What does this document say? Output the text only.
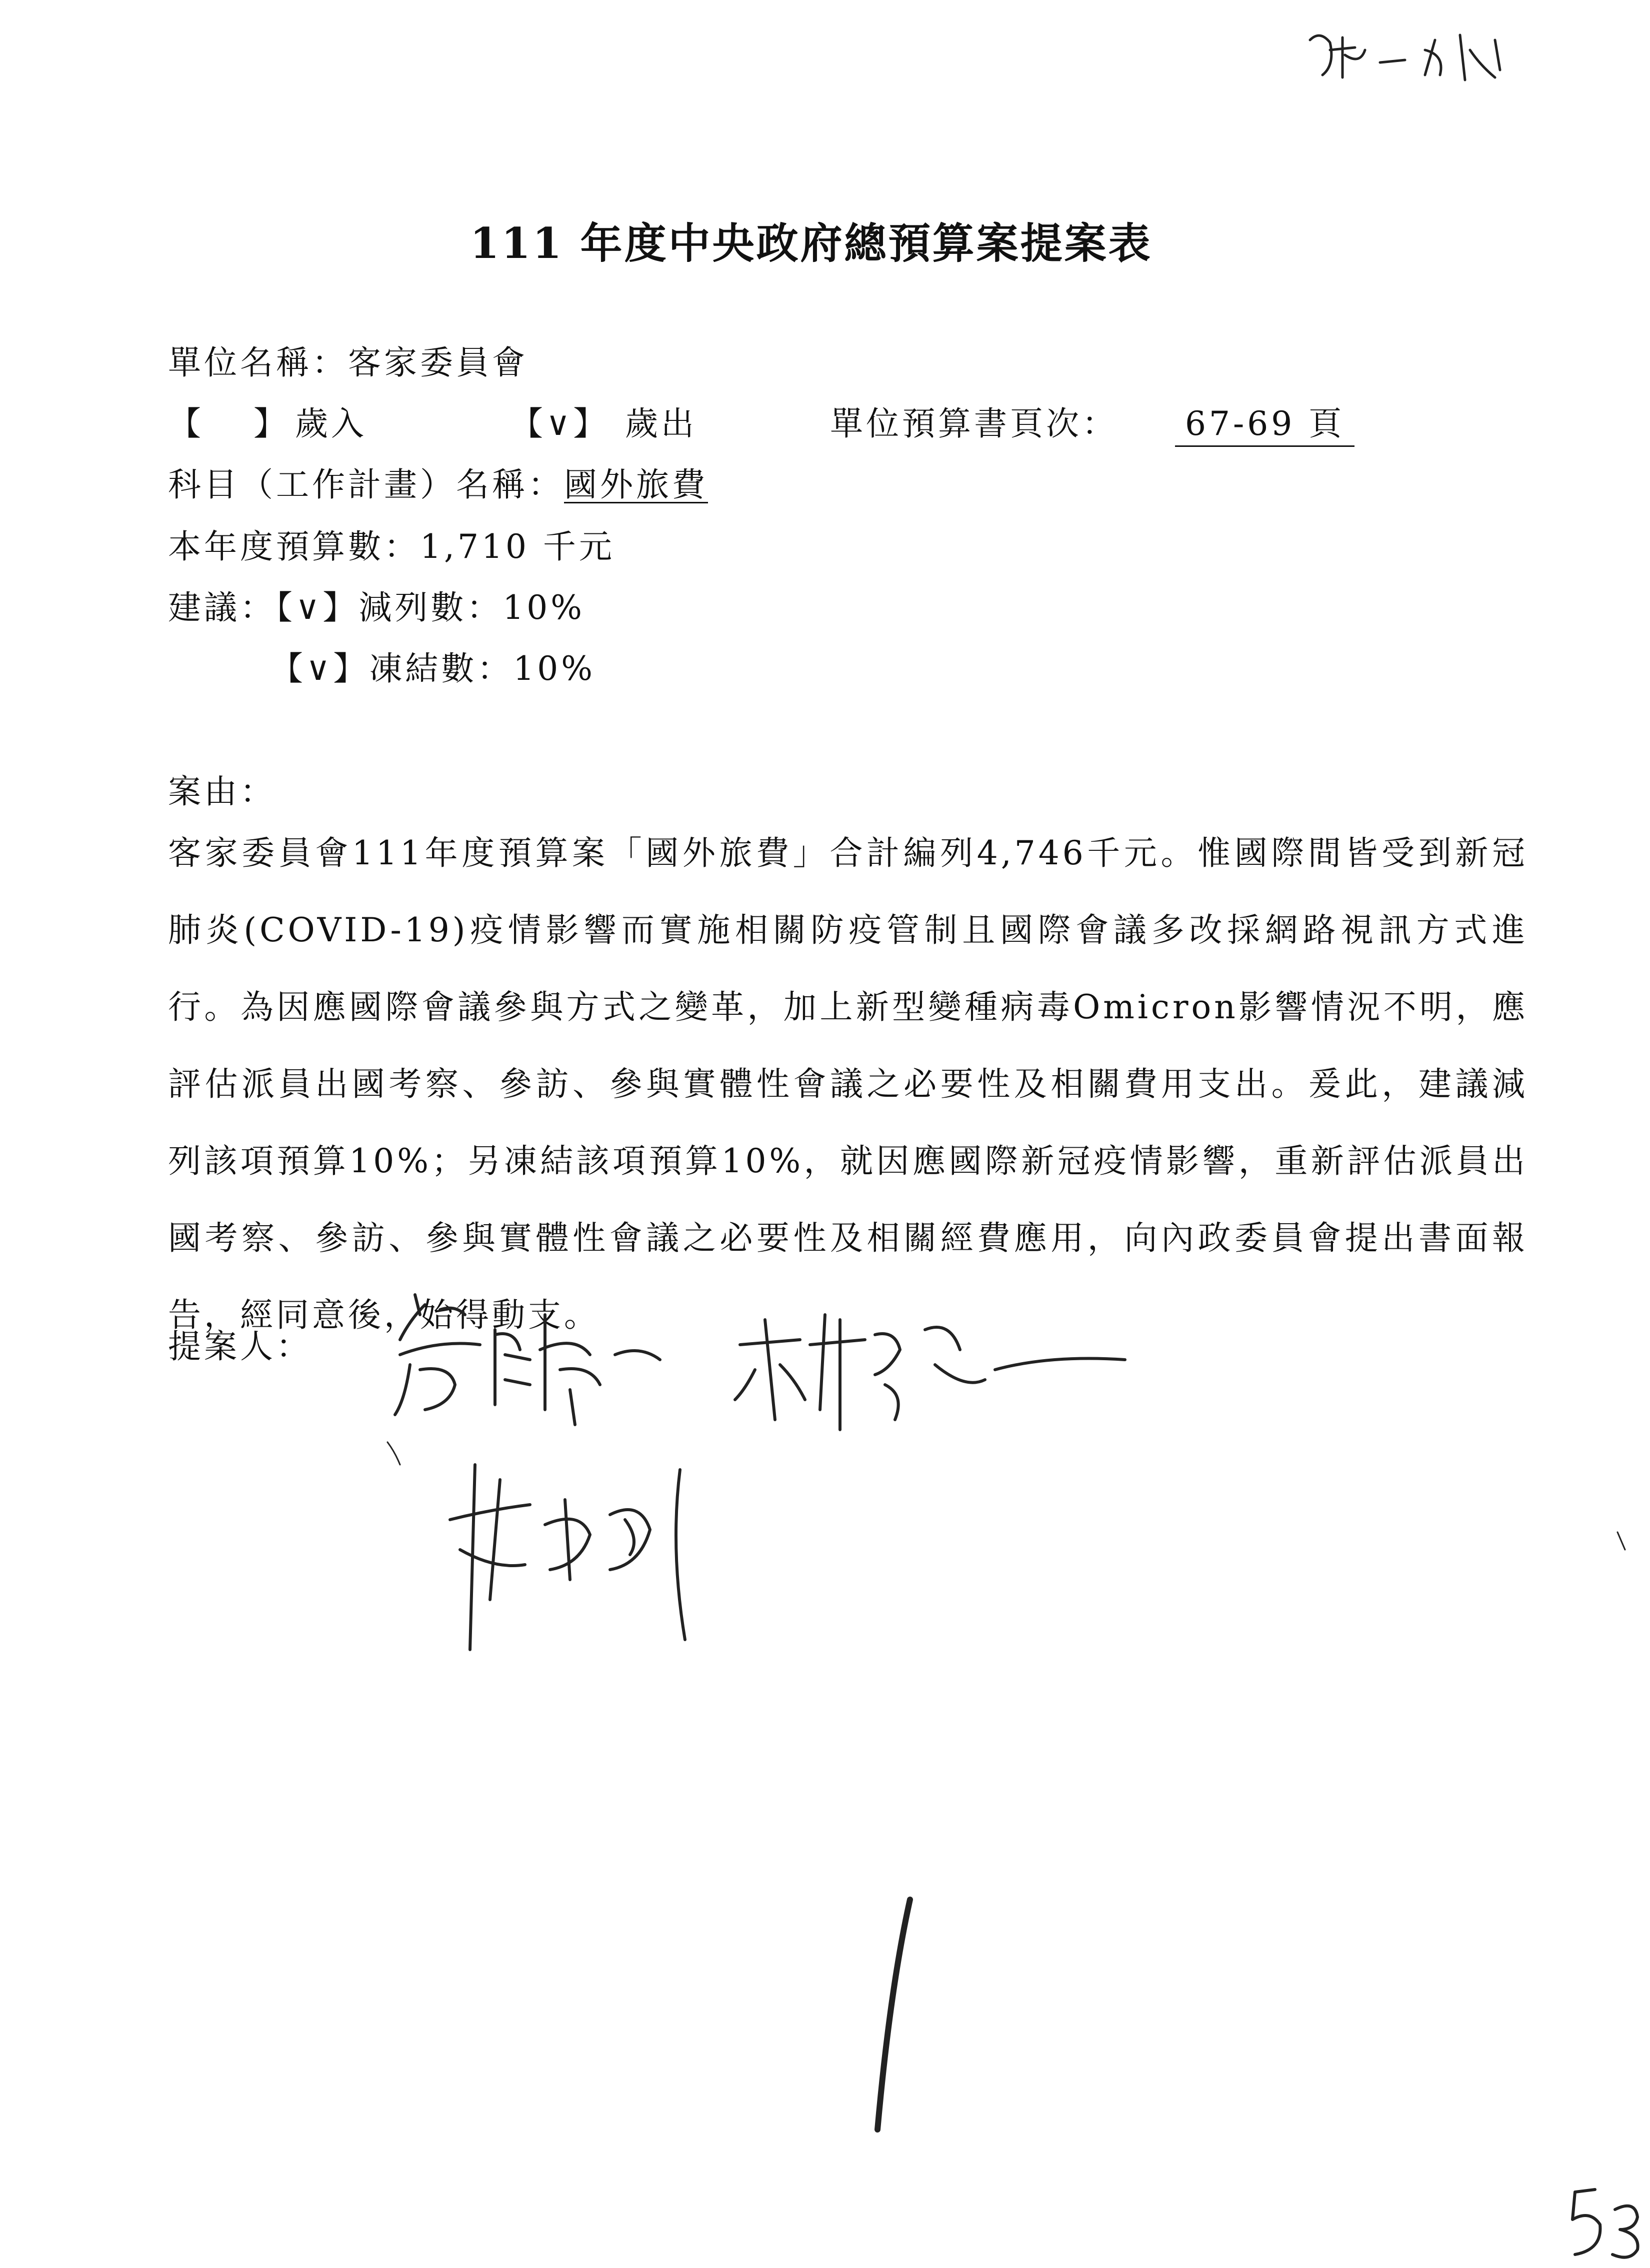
111 年度中央政府總預算案提案表
單位名稱：客家委員會
【　 】 歲入	【∨】 歲出	單位預算書頁次：	67-69 頁
科目（工作計畫）名稱：國外旅費
本年度預算數：1,710 千元
建議：【∨】減列數：10%
【∨】凍結數：10%
案由：
客家委員會111年度預算案「國外旅費」合計編列4,746千元。惟國際間皆受到新冠肺炎(COVID-19)疫情影響而實施相關防疫管制且國際會議多改採網路視訊方式進行。為因應國際會議參與方式之變革，加上新型變種病毒Omicron影響情況不明，應評估派員出國考察、參訪、參與實體性會議之必要性及相關費用支出。爰此，建議減列該項預算10%；另凍結該項預算10%，就因應國際新冠疫情影響，重新評估派員出國考察、參訪、參與實體性會議之必要性及相關經費應用，向內政委員會提出書面報告，經同意後，始得動支。
提案人：
